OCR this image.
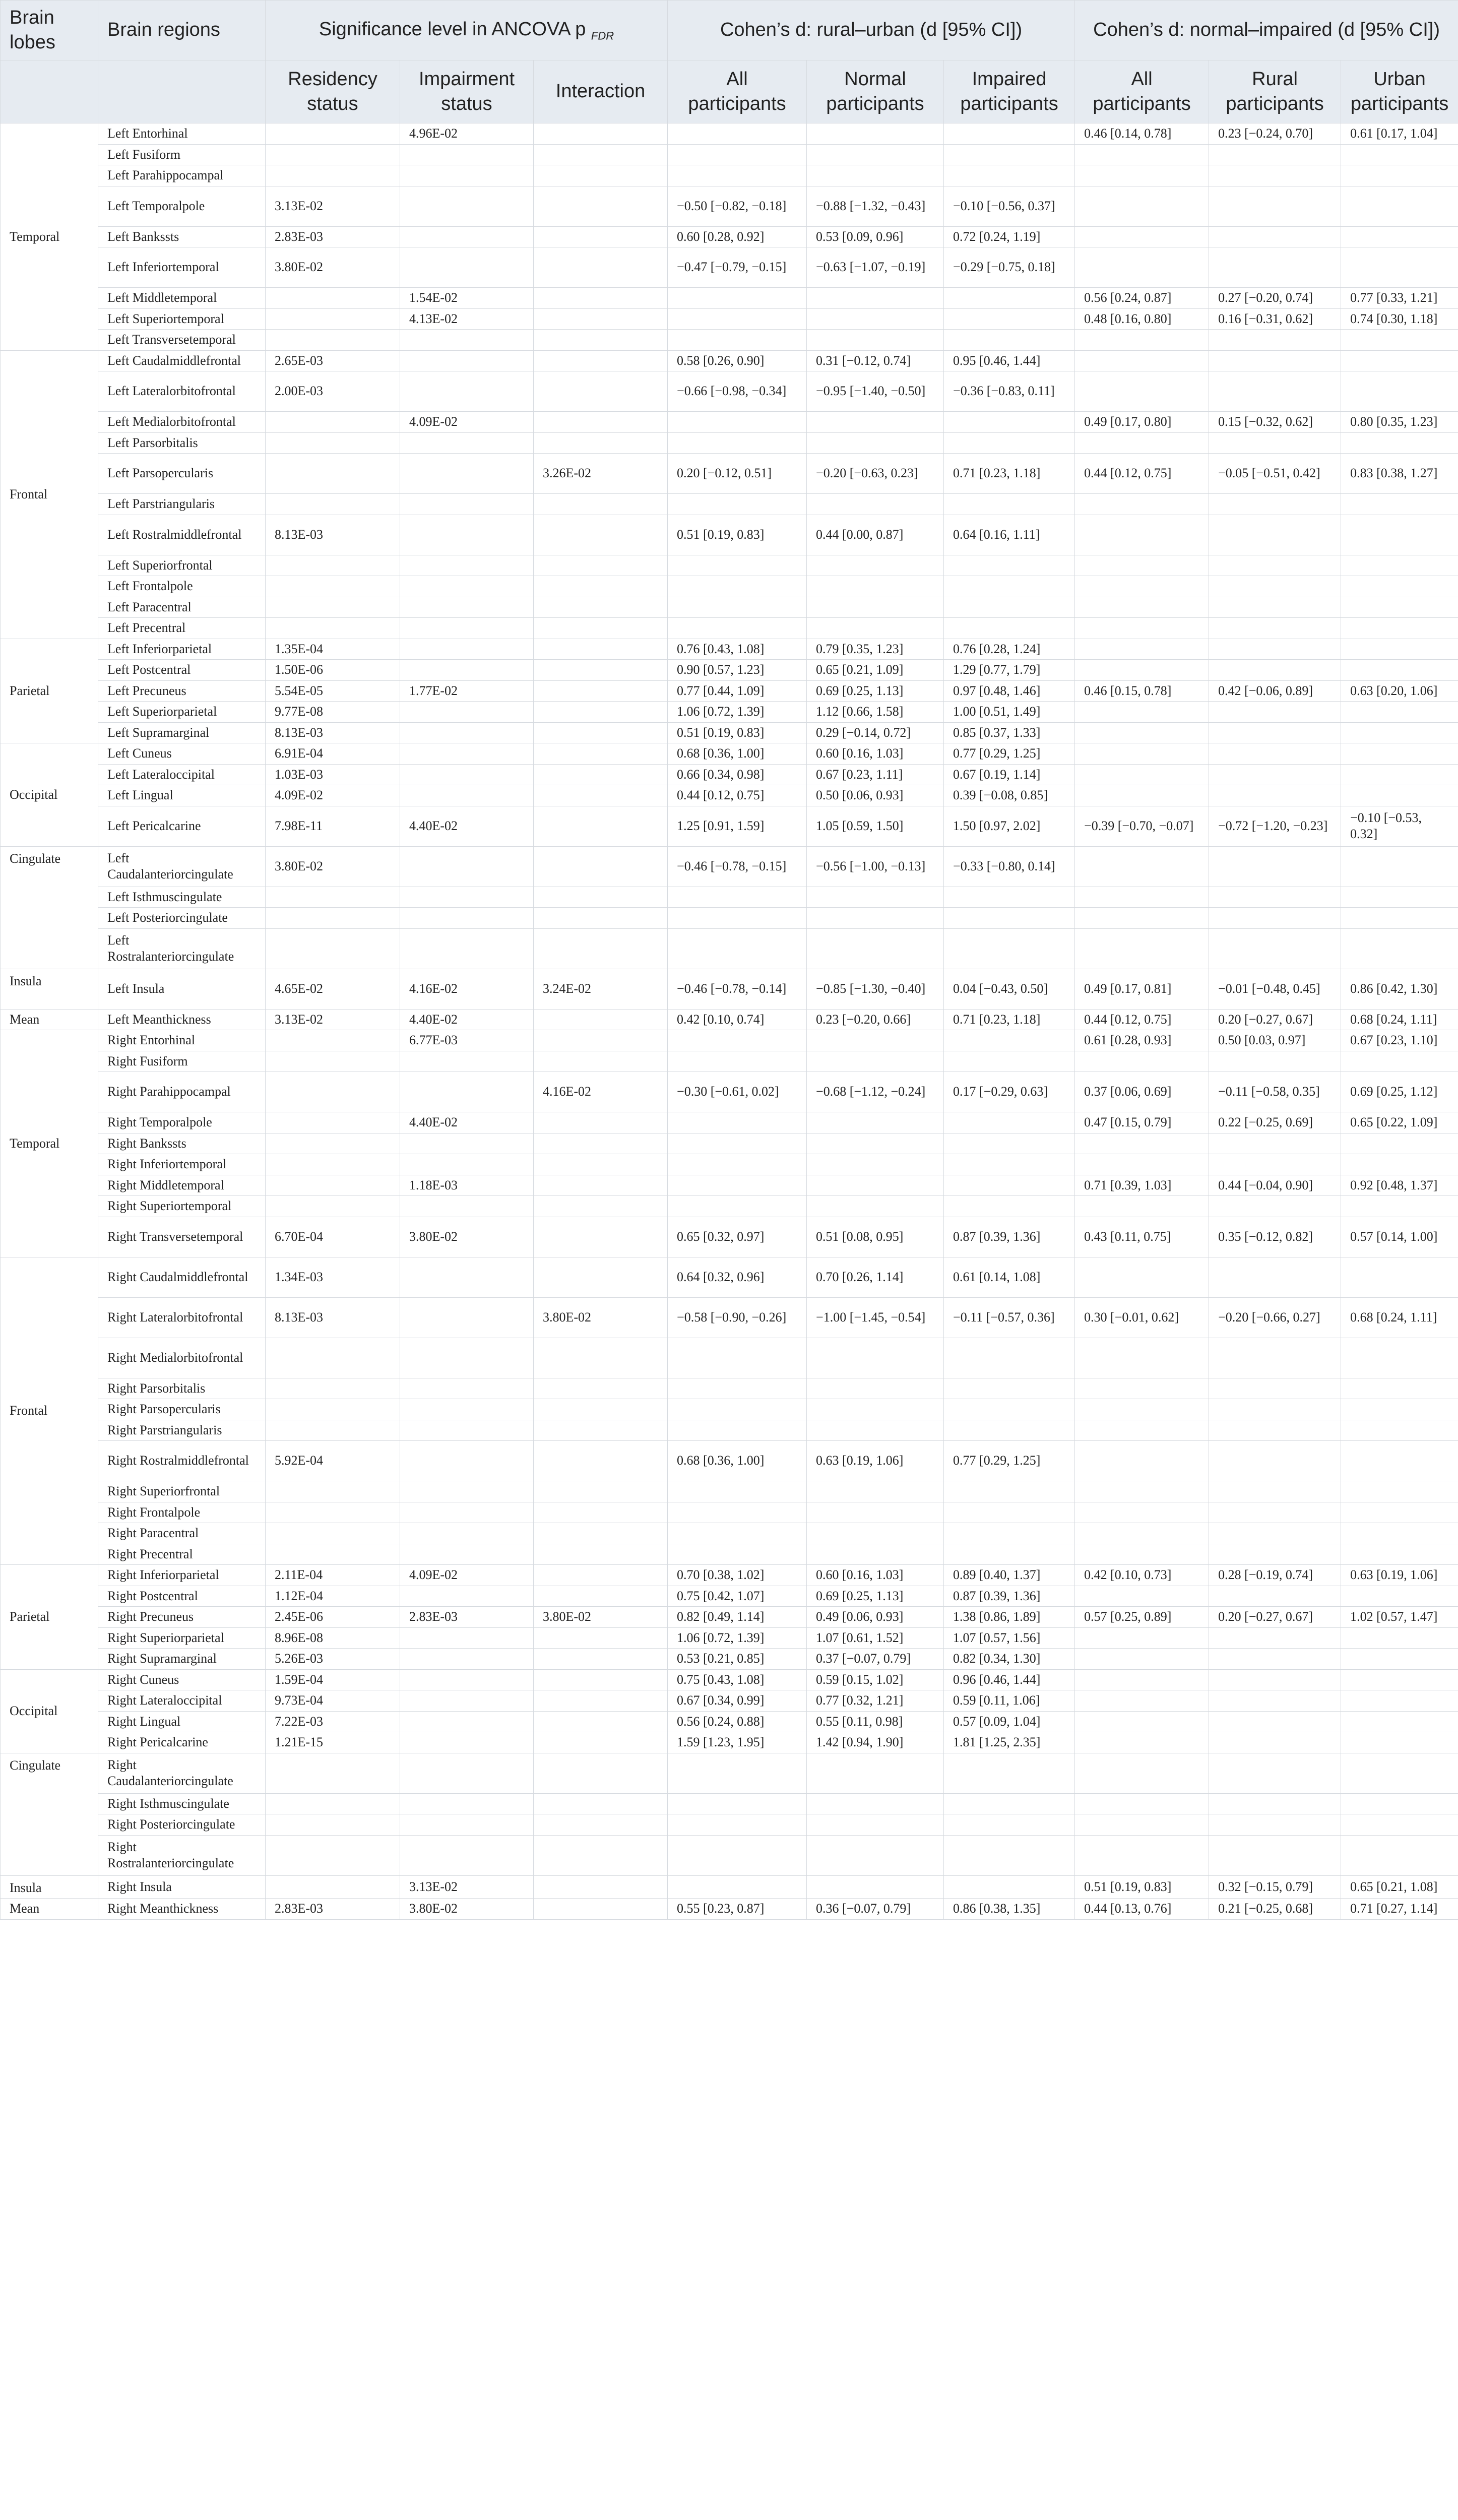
Brain lobes	Brain regions	Significance level in ANCOVA p $_{FDR}$			Cohen’s d: rural–urban (d [95% CI])			Cohen’s d: normal–impaired (d [95% CI])		
		Residency status	Impairment status	Interaction	All participants	Normal participants	Impaired participants	All participants	Rural participants	Urban participants
Temporal	Left Entorhinal		4.96E-02					0.46 [0.14, 0.78]	0.23 [−0.24, 0.70]	0.61 [0.17, 1.04]
	Left Fusiform									
	Left Parahippocampal									
	Left Temporalpole	3.13E-02			−0.50 [−0.82, −0.18]	−0.88 [−1.32, −0.43]	−0.10 [−0.56, 0.37]			
	Left Bankssts	2.83E-03			0.60 [0.28, 0.92]	0.53 [0.09, 0.96]	0.72 [0.24, 1.19]			
	Left Inferiortemporal	3.80E-02			−0.47 [−0.79, −0.15]	−0.63 [−1.07, −0.19]	−0.29 [−0.75, 0.18]			
	Left Middletemporal		1.54E-02					0.56 [0.24, 0.87]	0.27 [−0.20, 0.74]	0.77 [0.33, 1.21]
	Left Superiortemporal		4.13E-02					0.48 [0.16, 0.80]	0.16 [−0.31, 0.62]	0.74 [0.30, 1.18]
	Left Transversetemporal									
Frontal	Left Caudalmiddlefrontal	2.65E-03			0.58 [0.26, 0.90]	0.31 [−0.12, 0.74]	0.95 [0.46, 1.44]			
	Left Lateralorbitofrontal	2.00E-03			−0.66 [−0.98, −0.34]	−0.95 [−1.40, −0.50]	−0.36 [−0.83, 0.11]			
	Left Medialorbitofrontal		4.09E-02					0.49 [0.17, 0.80]	0.15 [−0.32, 0.62]	0.80 [0.35, 1.23]
	Left Parsorbitalis									
	Left Parsopercularis			3.26E-02	0.20 [−0.12, 0.51]	−0.20 [−0.63, 0.23]	0.71 [0.23, 1.18]	0.44 [0.12, 0.75]	−0.05 [−0.51, 0.42]	0.83 [0.38, 1.27]
	Left Parstriangularis									
	Left Rostralmiddlefrontal	8.13E-03			0.51 [0.19, 0.83]	0.44 [0.00, 0.87]	0.64 [0.16, 1.11]			
	Left Superiorfrontal									
	Left Frontalpole									
	Left Paracentral									
	Left Precentral									
Parietal	Left Inferiorparietal	1.35E-04			0.76 [0.43, 1.08]	0.79 [0.35, 1.23]	0.76 [0.28, 1.24]			
	Left Postcentral	1.50E-06			0.90 [0.57, 1.23]	0.65 [0.21, 1.09]	1.29 [0.77, 1.79]			
	Left Precuneus	5.54E-05	1.77E-02		0.77 [0.44, 1.09]	0.69 [0.25, 1.13]	0.97 [0.48, 1.46]	0.46 [0.15, 0.78]	0.42 [−0.06, 0.89]	0.63 [0.20, 1.06]
	Left Superiorparietal	9.77E-08			1.06 [0.72, 1.39]	1.12 [0.66, 1.58]	1.00 [0.51, 1.49]			
	Left Supramarginal	8.13E-03			0.51 [0.19, 0.83]	0.29 [−0.14, 0.72]	0.85 [0.37, 1.33]			
Occipital	Left Cuneus	6.91E-04			0.68 [0.36, 1.00]	0.60 [0.16, 1.03]	0.77 [0.29, 1.25]			
	Left Lateraloccipital	1.03E-03			0.66 [0.34, 0.98]	0.67 [0.23, 1.11]	0.67 [0.19, 1.14]			
	Left Lingual	4.09E-02			0.44 [0.12, 0.75]	0.50 [0.06, 0.93]	0.39 [−0.08, 0.85]			
	Left Pericalcarine	7.98E-11	4.40E-02		1.25 [0.91, 1.59]	1.05 [0.59, 1.50]	1.50 [0.97, 2.02]	−0.39 [−0.70, −0.07]	−0.72 [−1.20, −0.23]	−0.10 [−0.53, 0.32]
Cingulate	Left Caudalanteriorcingulate	3.80E-02			−0.46 [−0.78, −0.15]	−0.56 [−1.00, −0.13]	−0.33 [−0.80, 0.14]			
	Left Isthmuscingulate									
	Left Posteriorcingulate									
	Left Rostralanteriorcingulate									
Insula	Left Insula	4.65E-02	4.16E-02	3.24E-02	−0.46 [−0.78, −0.14]	−0.85 [−1.30, −0.40]	0.04 [−0.43, 0.50]	0.49 [0.17, 0.81]	−0.01 [−0.48, 0.45]	0.86 [0.42, 1.30]
Mean	Left Meanthickness	3.13E-02	4.40E-02		0.42 [0.10, 0.74]	0.23 [−0.20, 0.66]	0.71 [0.23, 1.18]	0.44 [0.12, 0.75]	0.20 [−0.27, 0.67]	0.68 [0.24, 1.11]
Temporal	Right Entorhinal		6.77E-03					0.61 [0.28, 0.93]	0.50 [0.03, 0.97]	0.67 [0.23, 1.10]
	Right Fusiform									
	Right Parahippocampal			4.16E-02	−0.30 [−0.61, 0.02]	−0.68 [−1.12, −0.24]	0.17 [−0.29, 0.63]	0.37 [0.06, 0.69]	−0.11 [−0.58, 0.35]	0.69 [0.25, 1.12]
	Right Temporalpole		4.40E-02					0.47 [0.15, 0.79]	0.22 [−0.25, 0.69]	0.65 [0.22, 1.09]
	Right Bankssts									
	Right Inferiortemporal									
	Right Middletemporal		1.18E-03					0.71 [0.39, 1.03]	0.44 [−0.04, 0.90]	0.92 [0.48, 1.37]
	Right Superiortemporal									
	Right Transversetemporal	6.70E-04	3.80E-02		0.65 [0.32, 0.97]	0.51 [0.08, 0.95]	0.87 [0.39, 1.36]	0.43 [0.11, 0.75]	0.35 [−0.12, 0.82]	0.57 [0.14, 1.00]
Frontal	Right Caudalmiddlefrontal	1.34E-03			0.64 [0.32, 0.96]	0.70 [0.26, 1.14]	0.61 [0.14, 1.08]			
	Right Lateralorbitofrontal	8.13E-03		3.80E-02	−0.58 [−0.90, −0.26]	−1.00 [−1.45, −0.54]	−0.11 [−0.57, 0.36]	0.30 [−0.01, 0.62]	−0.20 [−0.66, 0.27]	0.68 [0.24, 1.11]
	Right Medialorbitofrontal									
	Right Parsorbitalis									
	Right Parsopercularis									
	Right Parstriangularis									
	Right Rostralmiddlefrontal	5.92E-04			0.68 [0.36, 1.00]	0.63 [0.19, 1.06]	0.77 [0.29, 1.25]			
	Right Superiorfrontal									
	Right Frontalpole									
	Right Paracentral									
	Right Precentral									
Parietal	Right Inferiorparietal	2.11E-04	4.09E-02		0.70 [0.38, 1.02]	0.60 [0.16, 1.03]	0.89 [0.40, 1.37]	0.42 [0.10, 0.73]	0.28 [−0.19, 0.74]	0.63 [0.19, 1.06]
	Right Postcentral	1.12E-04			0.75 [0.42, 1.07]	0.69 [0.25, 1.13]	0.87 [0.39, 1.36]			
	Right Precuneus	2.45E-06	2.83E-03	3.80E-02	0.82 [0.49, 1.14]	0.49 [0.06, 0.93]	1.38 [0.86, 1.89]	0.57 [0.25, 0.89]	0.20 [−0.27, 0.67]	1.02 [0.57, 1.47]
	Right Superiorparietal	8.96E-08			1.06 [0.72, 1.39]	1.07 [0.61, 1.52]	1.07 [0.57, 1.56]			
	Right Supramarginal	5.26E-03			0.53 [0.21, 0.85]	0.37 [−0.07, 0.79]	0.82 [0.34, 1.30]			
Occipital	Right Cuneus	1.59E-04			0.75 [0.43, 1.08]	0.59 [0.15, 1.02]	0.96 [0.46, 1.44]			
	Right Lateraloccipital	9.73E-04			0.67 [0.34, 0.99]	0.77 [0.32, 1.21]	0.59 [0.11, 1.06]			
	Right Lingual	7.22E-03			0.56 [0.24, 0.88]	0.55 [0.11, 0.98]	0.57 [0.09, 1.04]			
	Right Pericalcarine	1.21E-15			1.59 [1.23, 1.95]	1.42 [0.94, 1.90]	1.81 [1.25, 2.35]			
Cingulate	Right Caudalanteriorcingulate									
	Right Isthmuscingulate									
	Right Posteriorcingulate									
	Right Rostralanteriorcingulate									
Insula	Right Insula		3.13E-02					0.51 [0.19, 0.83]	0.32 [−0.15, 0.79]	0.65 [0.21, 1.08]
Mean	Right Meanthickness	2.83E-03	3.80E-02		0.55 [0.23, 0.87]	0.36 [−0.07, 0.79]	0.86 [0.38, 1.35]	0.44 [0.13, 0.76]	0.21 [−0.25, 0.68]	0.71 [0.27, 1.14]
